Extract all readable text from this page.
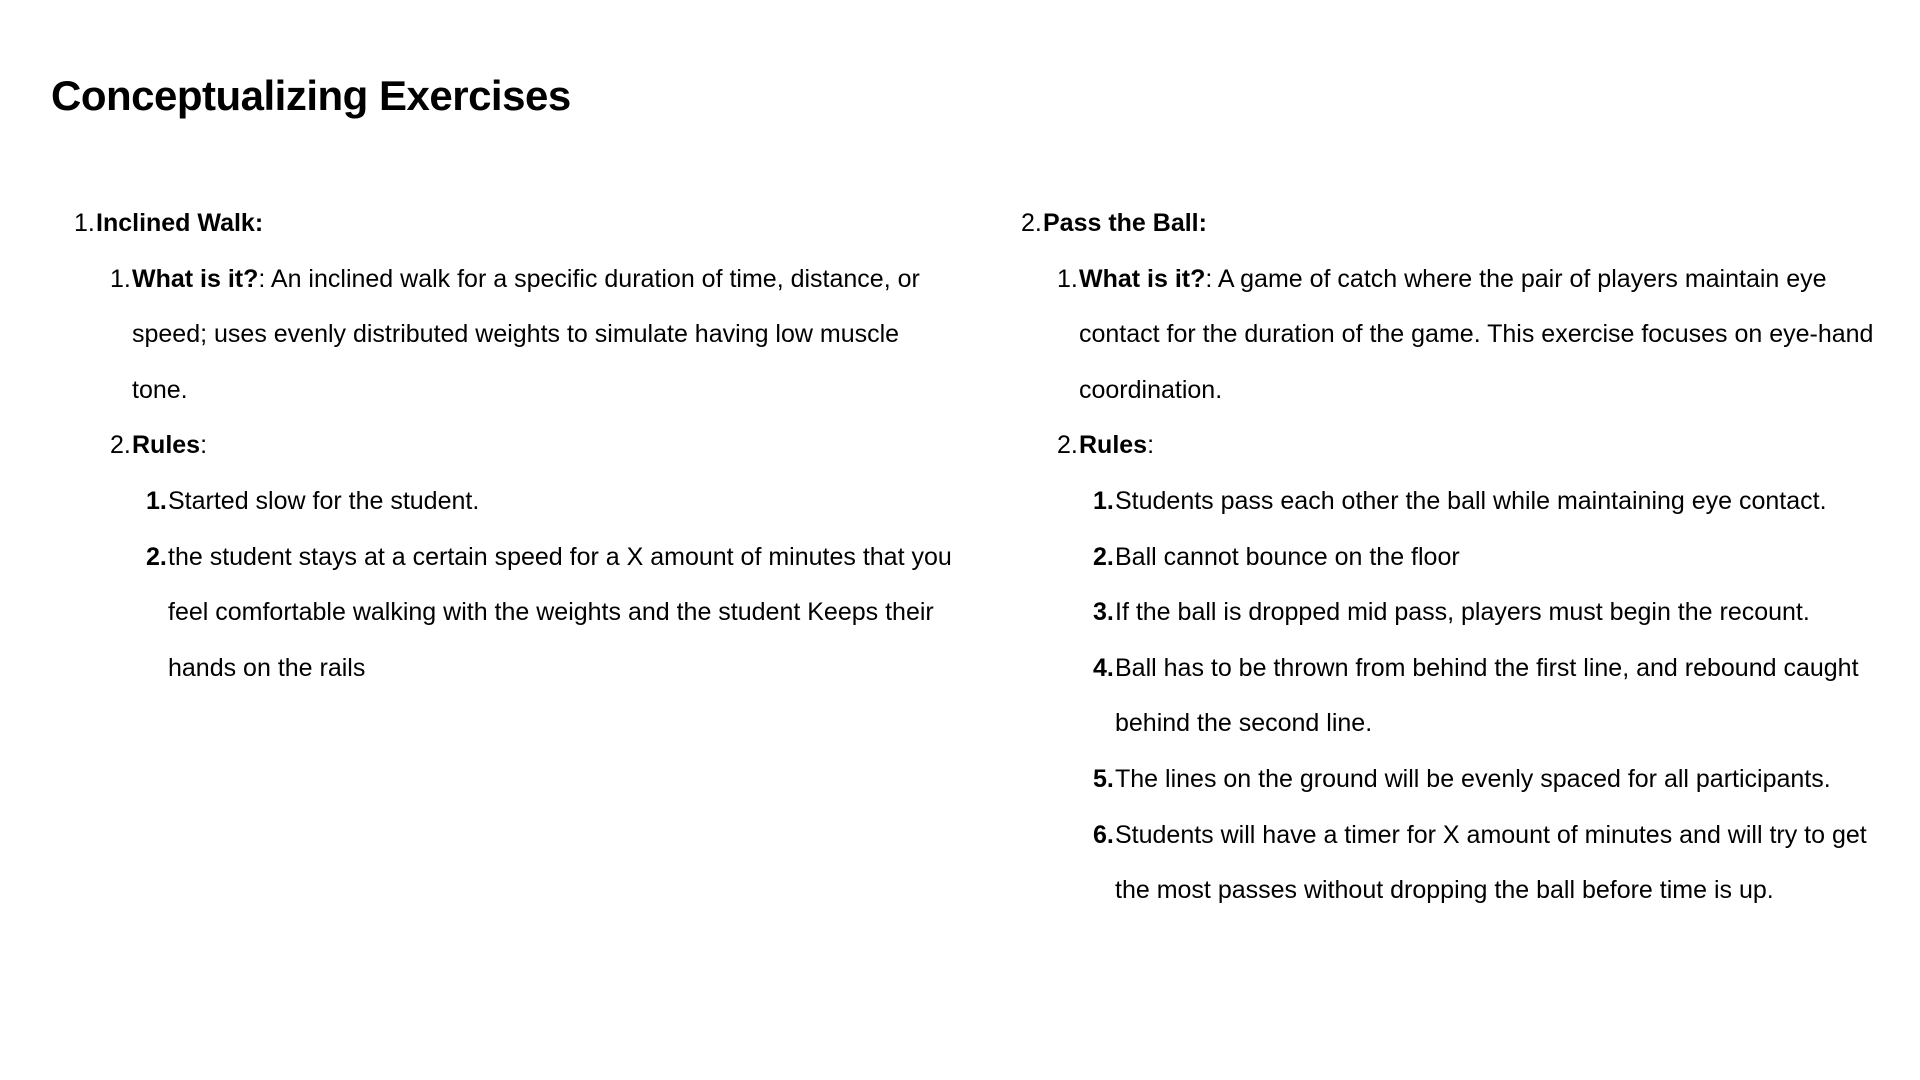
Conceptualizing Exercises
1. Inclined Walk:
1. What is it?: An inclined walk for a specific duration of time, distance, or speed; uses evenly distributed weights to simulate having low muscle tone.
2. Rules:
1. Started slow for the student.
2. the student stays at a certain speed for a X amount of minutes that you feel comfortable walking with the weights and the student Keeps their hands on the rails
2. Pass the Ball:
1. What is it?: A game of catch where the pair of players maintain eye contact for the duration of the game. This exercise focuses on eye-hand coordination.
2. Rules:
1. Students pass each other the ball while maintaining eye contact.
2. Ball cannot bounce on the floor
3. If the ball is dropped mid pass, players must begin the recount.
4. Ball has to be thrown from behind the first line, and rebound caught behind the second line.
5. The lines on the ground will be evenly spaced for all participants.
6. Students will have a timer for X amount of minutes and will try to get the most passes without dropping the ball before time is up.
